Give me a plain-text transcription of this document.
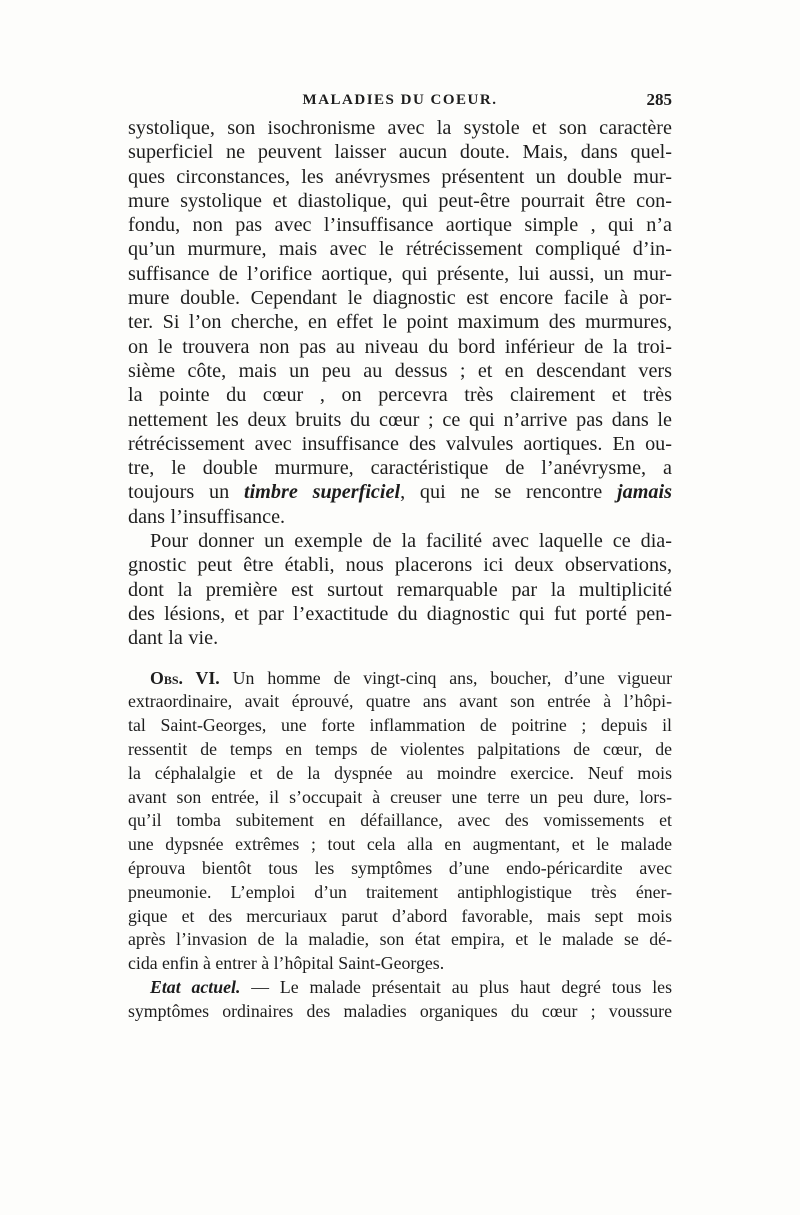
MALADIES DU COEUR.	285
systolique, son isochronisme avec la systole et son caractère
superficiel ne peuvent laisser aucun doute. Mais, dans quel-
ques circonstances, les anévrysmes présentent un double mur-
mure systolique et diastolique, qui peut-être pourrait être con-
fondu, non pas avec l’insuffisance aortique simple , qui n’a
qu’un murmure, mais avec le rétrécissement compliqué d’in-
suffisance de l’orifice aortique, qui présente, lui aussi, un mur-
mure double. Cependant le diagnostic est encore facile à por-
ter. Si l’on cherche, en effet le point maximum des murmures,
on le trouvera non pas au niveau du bord inférieur de la troi-
sième côte, mais un peu au dessus ; et en descendant vers
la pointe du cœur , on percevra très clairement et très
nettement les deux bruits du cœur ; ce qui n’arrive pas dans le
rétrécissement avec insuffisance des valvules aortiques. En ou-
tre, le double murmure, caractéristique de l’anévrysme, a
toujours un timbre superficiel, qui ne se rencontre jamais
dans l’insuffisance.
Pour donner un exemple de la facilité avec laquelle ce dia-
gnostic peut être établi, nous placerons ici deux observations,
dont la première est surtout remarquable par la multiplicité
des lésions, et par l’exactitude du diagnostic qui fut porté pen-
dant la vie.
Obs. VI. Un homme de vingt-cinq ans, boucher, d’une vigueur
extraordinaire, avait éprouvé, quatre ans avant son entrée à l’hôpi-
tal Saint-Georges, une forte inflammation de poitrine ; depuis il
ressentit de temps en temps de violentes palpitations de cœur, de
la céphalalgie et de la dyspnée au moindre exercice. Neuf mois
avant son entrée, il s’occupait à creuser une terre un peu dure, lors-
qu’il tomba subitement en défaillance, avec des vomissements et
une dypsnée extrêmes ; tout cela alla en augmentant, et le malade
éprouva bientôt tous les symptômes d’une endo-péricardite avec
pneumonie. L’emploi d’un traitement antiphlogistique très éner-
gique et des mercuriaux parut d’abord favorable, mais sept mois
après l’invasion de la maladie, son état empira, et le malade se dé-
cida enfin à entrer à l’hôpital Saint-Georges.
Etat actuel. — Le malade présentait au plus haut degré tous les
symptômes ordinaires des maladies organiques du cœur ; voussure
